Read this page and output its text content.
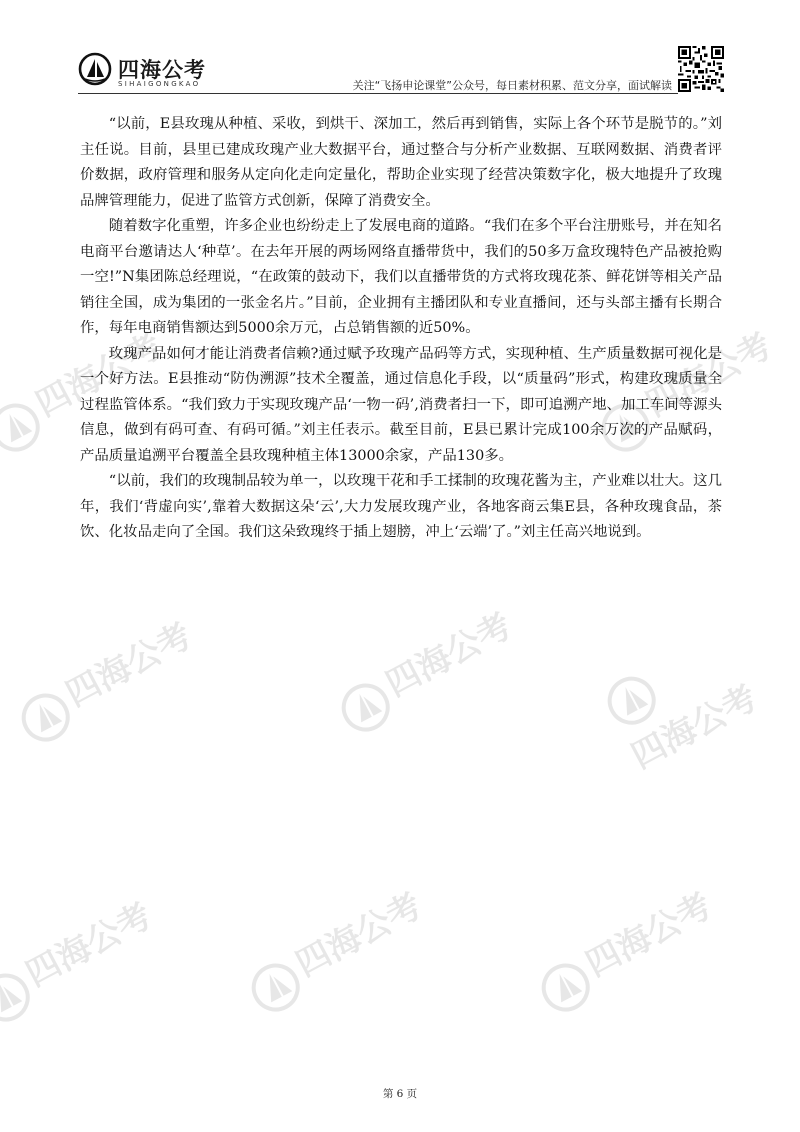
四海公考	四海公考
四海公考	四海公考
四海公考
四海公考	四海公考	四海公考
四海公考
SIHAIGONGKAO	关注“飞扬申论课堂”公众号，每日素材积累、范文分享，面试解读

“以前，E县玫瑰从种植、采收，到烘干、深加工，然后再到销售，实际上各个环节是脱节的。”刘主任说。目前，县里已建成玫瑰产业大数据平台，通过整合与分析产业数据、互联网数据、消费者评价数据，政府管理和服务从定向化走向定量化，帮助企业实现了经营决策数字化，极大地提升了玫瑰品牌管理能力，促进了监管方式创新，保障了消费安全。

随着数字化重塑，许多企业也纷纷走上了发展电商的道路。“我们在多个平台注册账号，并在知名电商平台邀请达人‘种草’。在去年开展的两场网络直播带货中，我们的50多万盒玫瑰特色产品被抢购一空!”N集团陈总经理说，“在政策的鼓动下，我们以直播带货的方式将玫瑰花茶、鲜花饼等相关产品销往全国，成为集团的一张金名片。”目前，企业拥有主播团队和专业直播间，还与头部主播有长期合作，每年电商销售额达到5000余万元，占总销售额的近50%。

玫瑰产品如何才能让消费者信赖?通过赋予玫瑰产品码等方式，实现种植、生产质量数据可视化是一个好方法。E县推动“防伪溯源”技术全覆盖，通过信息化手段，以“质量码”形式，构建玫瑰质量全过程监管体系。“我们致力于实现玫瑰产品‘一物一码’,消费者扫一下，即可追溯产地、加工车间等源头信息，做到有码可查、有码可循。”刘主任表示。截至目前，E县已累计完成100余万次的产品赋码，产品质量追溯平台覆盖全县玫瑰种植主体13000余家，产品130多。

“以前，我们的玫瑰制品较为单一，以玫瑰干花和手工揉制的玫瑰花酱为主，产业难以壮大。这几年，我们‘背虚向实’,靠着大数据这朵‘云’,大力发展玫瑰产业，各地客商云集E县，各种玫瑰食品，茶饮、化妆品走向了全国。我们这朵致瑰终于插上翅膀，冲上‘云端’了。”刘主任高兴地说到。

第 6 页
